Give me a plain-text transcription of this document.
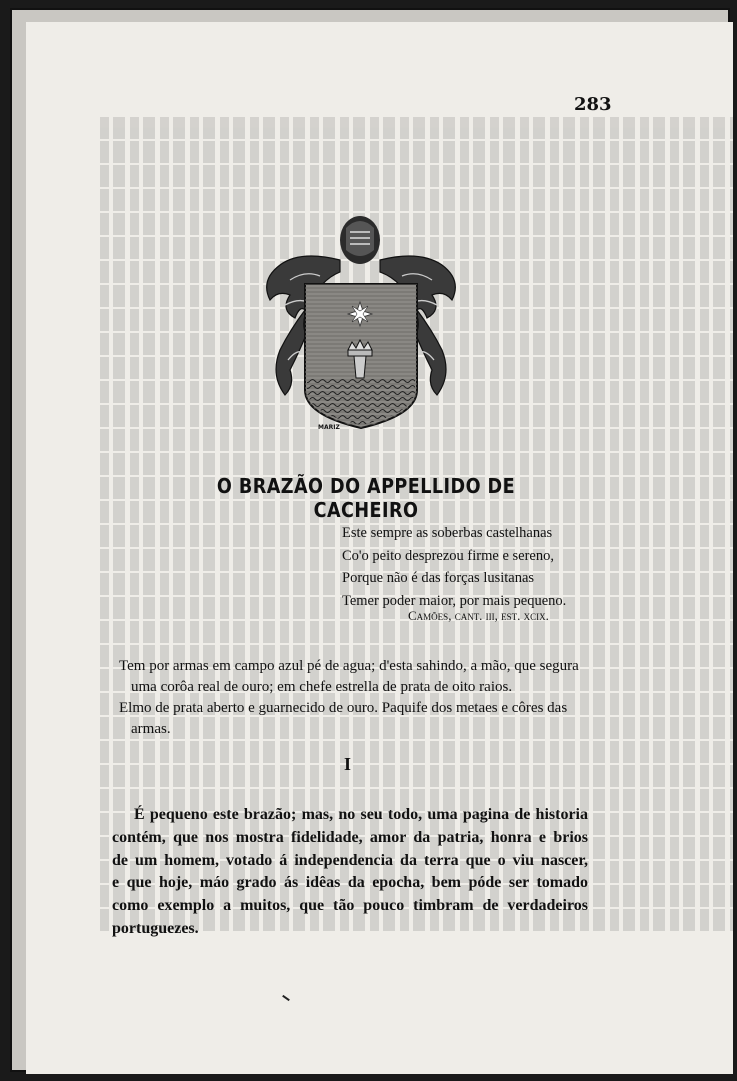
283
MARIZ
O BRAZÃO DO APPELLIDO DE CACHEIRO
Este sempre as soberbas castelhanas
Co'o peito desprezou firme e sereno,
Porque não é das forças lusitanas
Temer poder maior, por mais pequeno.
Camões, cant. iii, est. xcix.

Tem por armas em campo azul pé de agua; d'esta sahindo, a mão, que segura uma corôa real de ouro; em chefe estrella de prata de oito raios.

Elmo de prata aberto e guarnecido de ouro. Paquife dos metaes e côres das armas.

I
É pequeno este brazão; mas, no seu todo, uma pagina de historia
contém, que nos mostra fidelidade, amor da patria, honra e brios
de um homem, votado á independencia da terra que o viu nascer,
e que hoje, máo grado ás idêas da epocha, bem póde ser tomado
como exemplo a muitos, que tão pouco timbram de verdadeiros
portuguezes.
